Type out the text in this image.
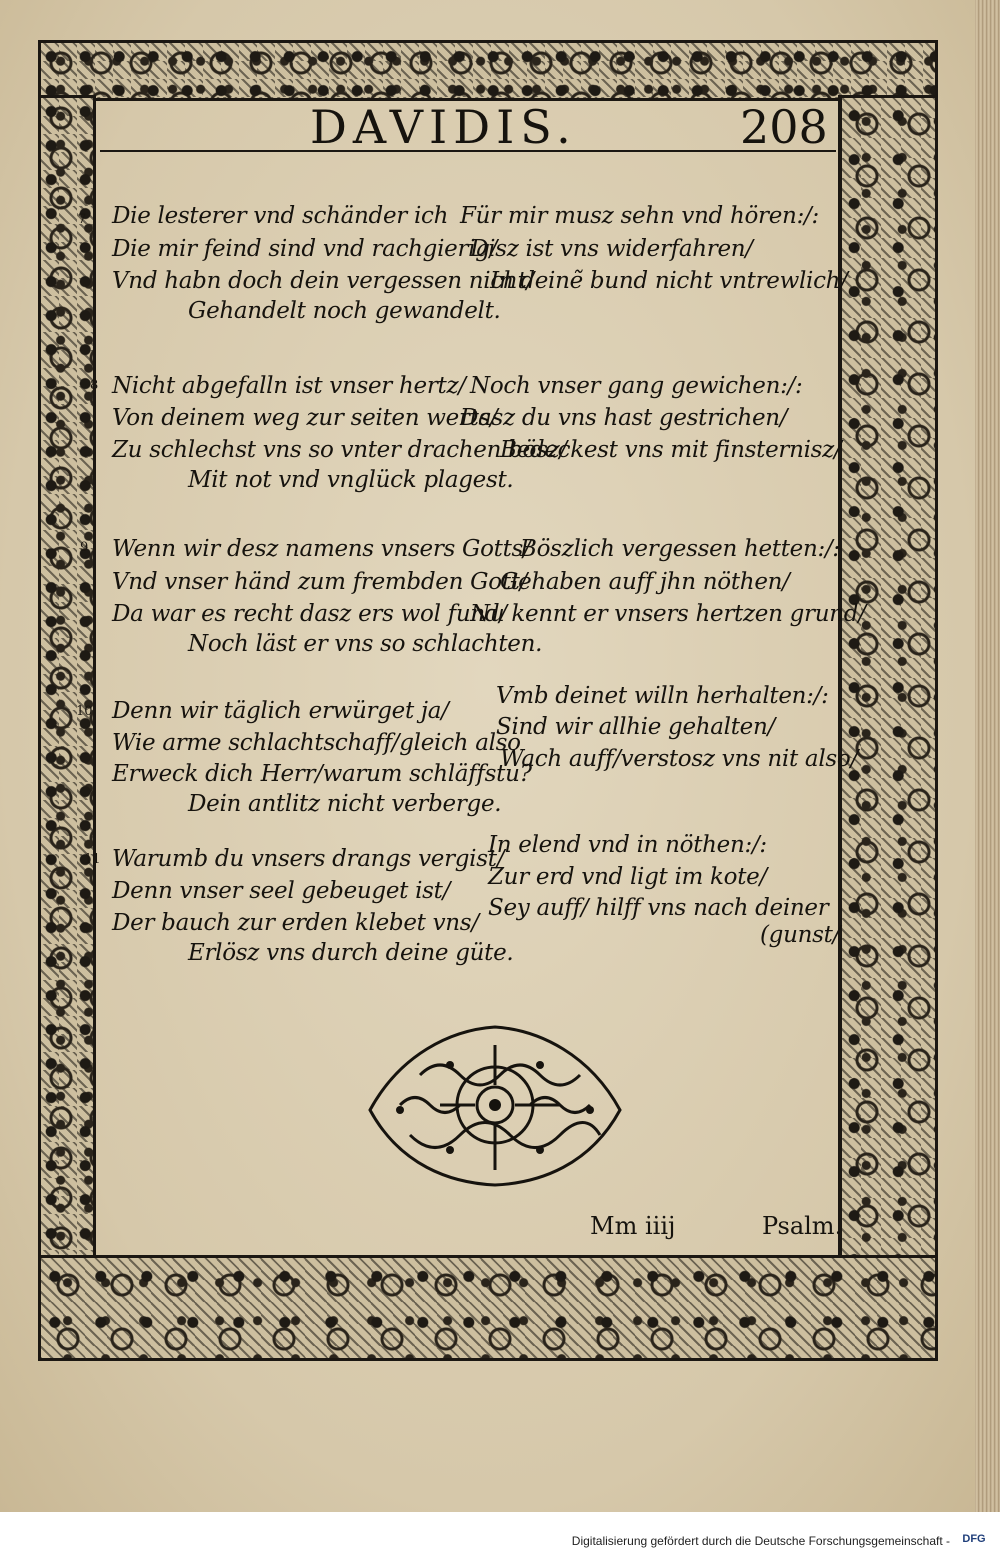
DAVIDIS.	208
7 Die lesterer vnd schänder ich
Die mir feind sind vnd rachgierig/
Vnd habn doch dein vergessen nicht/
Gehandelt noch gewandelt.
Für mir musz sehn vnd hören:/:
Disz ist vns widerfahren/
In deinẽ bund nicht vntrewlich/
8 Nicht abgefalln ist vnser hertz/
Von deinem weg zur seiten werts/
Zu schlechst vns so vnter drachen bösz/
Mit not vnd vnglück plagest.
Noch vnser gang gewichen:/:
Dasz du vns hast gestrichen/
Bedeckest vns mit finsternisz/
9 Wenn wir desz namens vnsers Gotts/
Vnd vnser händ zum frembden Gott/
Da war es recht dasz ers wol fund/
Noch läst er vns so schlachten.
Böszlich vergessen hetten:/:
Gehaben auff jhn nöthen/
Nu kennt er vnsers hertzen grund/
10 Denn wir täglich erwürget ja/
Wie arme schlachtschaff/gleich also
Erweck dich Herr/warum schläffstu?
Dein antlitz nicht verberge.
Vmb deinet willn herhalten:/:
Sind wir allhie gehalten/
Wach auff/verstosz vns nit also/
11 Warumb du vnsers drangs vergist/
Denn vnser seel gebeuget ist/
Der bauch zur erden klebet vns/
Erlösz vns durch deine güte.
In elend vnd in nöthen:/:
Zur erd vnd ligt im kote/
Sey auff/ hilff vns nach deiner
(gunst/
Mm iiij	Psalm.
Digitalisierung gefördert durch die Deutsche Forschungsgemeinschaft -	DFG
